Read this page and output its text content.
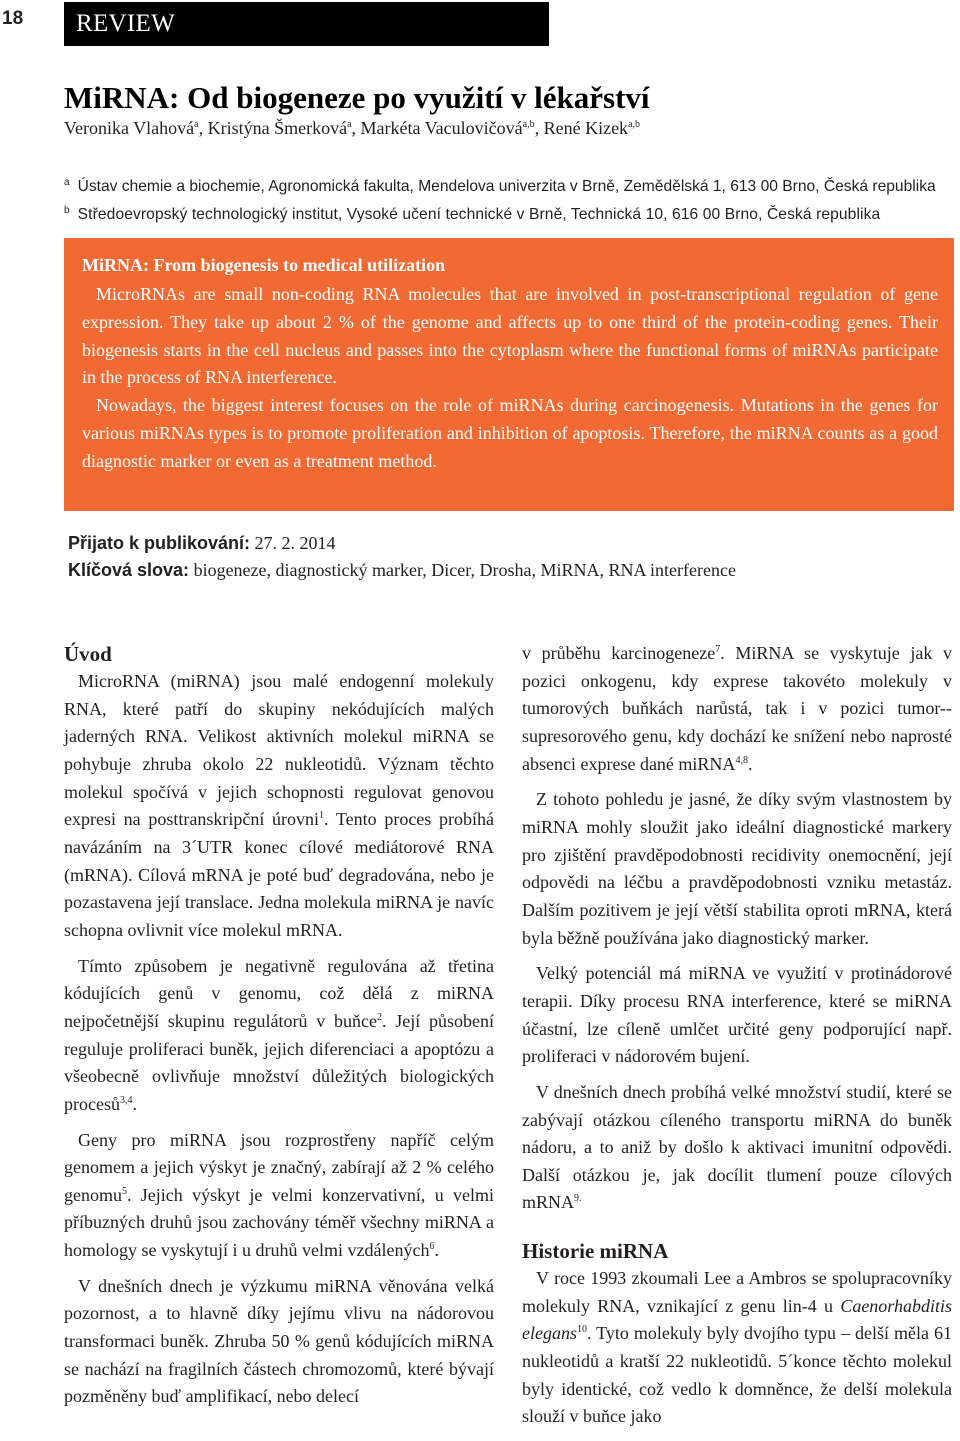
18	REVIEW
MiRNA: Od biogeneze po využití v lékařství
Veronika Vlahová$^a$, Kristýna Šmerková$^a$, Markéta Vaculovičová$^{a,b}$, René Kizek$^{a,b}$
$^a$ Ústav chemie a biochemie, Agronomická fakulta, Mendelova univerzita v Brně, Zemědělská 1, 613 00 Brno, Česká republika
$^b$ Středoevropský technologický institut, Vysoké učení technické v Brně, Technická 10, 616 00 Brno, Česká republika
MiRNA: From biogenesis to medical utilization

MicroRNAs are small non-coding RNA molecules that are involved in post-transcriptional regulation of gene expression. They take up about 2 % of the genome and affects up to one third of the protein-coding genes. Their biogenesis starts in the cell nucleus and passes into the cytoplasm where the functional forms of miRNAs participate in the process of RNA interference.

Nowadays, the biggest interest focuses on the role of miRNAs during carcinogenesis. Mutations in the genes for various miRNAs types is to promote proliferation and inhibition of apoptosis. Therefore, the miRNA counts as a good diagnostic marker or even as a treatment method.

Přijato k publikování: 27. 2. 2014
Klíčová slova: biogeneze, diagnostický marker, Dicer, Drosha, MiRNA, RNA interference
Úvod

MicroRNA (miRNA) jsou malé endogenní molekuly RNA, které patří do skupiny nekódujících malých jaderných RNA. Velikost aktivních molekul miRNA se pohybuje zhruba okolo 22 nukleotidů. Význam těchto molekul spočívá v jejich schopnosti regulovat genovou expresi na posttranskripční úrovni$^1$. Tento proces probíhá navázáním na 3´UTR konec cílové mediátorové RNA (mRNA). Cílová mRNA je poté buď degradována, nebo je pozastavena její translace. Jedna molekula miRNA je navíc schopna ovlivnit více molekul mRNA.

Tímto způsobem je negativně regulována až třetina kódujících genů v genomu, což dělá z miRNA nejpočetnější skupinu regulátorů v buňce$^2$. Její působení reguluje proliferaci buněk, jejich diferenciaci a apoptózu a všeobecně ovlivňuje množství důležitých biologických procesů$^{3,4}$.

Geny pro miRNA jsou rozprostřeny napříč celým genomem a jejich výskyt je značný, zabírají až 2 % celého genomu$^5$. Jejich výskyt je velmi konzervativní, u velmi příbuzných druhů jsou zachovány téměř všechny miRNA a homology se vyskytují i u druhů velmi vzdálených$^6$.

V dnešních dnech je výzkumu miRNA věnována velká pozornost, a to hlavně díky jejímu vlivu na nádorovou transformaci buněk. Zhruba 50 % genů kódujících miRNA se nachází na fragilních částech chromozomů, které bývají pozměněny buď amplifikací, nebo delecí

v průběhu karcinogeneze$^7$. MiRNA se vyskytuje jak v pozici onkogenu, kdy exprese takovéto molekuly v tumorových buňkách narůstá, tak i v pozici tumor--supresorového genu, kdy dochází ke snížení nebo naprosté absenci exprese dané miRNA$^{4,8}$.

Z tohoto pohledu je jasné, že díky svým vlastnostem by miRNA mohly sloužit jako ideální diagnostické markery pro zjištění pravděpodobnosti recidivity onemocnění, její odpovědi na léčbu a pravděpodobnosti vzniku metastáz. Dalším pozitivem je její větší stabilita oproti mRNA, která byla běžně používána jako diagnostický marker.

Velký potenciál má miRNA ve využití v protinádorové terapii. Díky procesu RNA interference, které se miRNA účastní, lze cíleně umlčet určité geny podporující např. proliferaci v nádorovém bujení.

V dnešních dnech probíhá velké množství studií, které se zabývají otázkou cíleného transportu miRNA do buněk nádoru, a to aniž by došlo k aktivaci imunitní odpovědi. Další otázkou je, jak docílit tlumení pouze cílových mRNA$^{9.}$

Historie miRNA

V roce 1993 zkoumali Lee a Ambros se spolupracovníky molekuly RNA, vznikající z genu lin-4 u Caenorhabditis elegans$^{10}$. Tyto molekuly byly dvojího typu – delší měla 61 nukleotidů a kratší 22 nukleotidů. 5´konce těchto molekul byly identické, což vedlo k domněnce, že delší molekula slouží v buňce jako
